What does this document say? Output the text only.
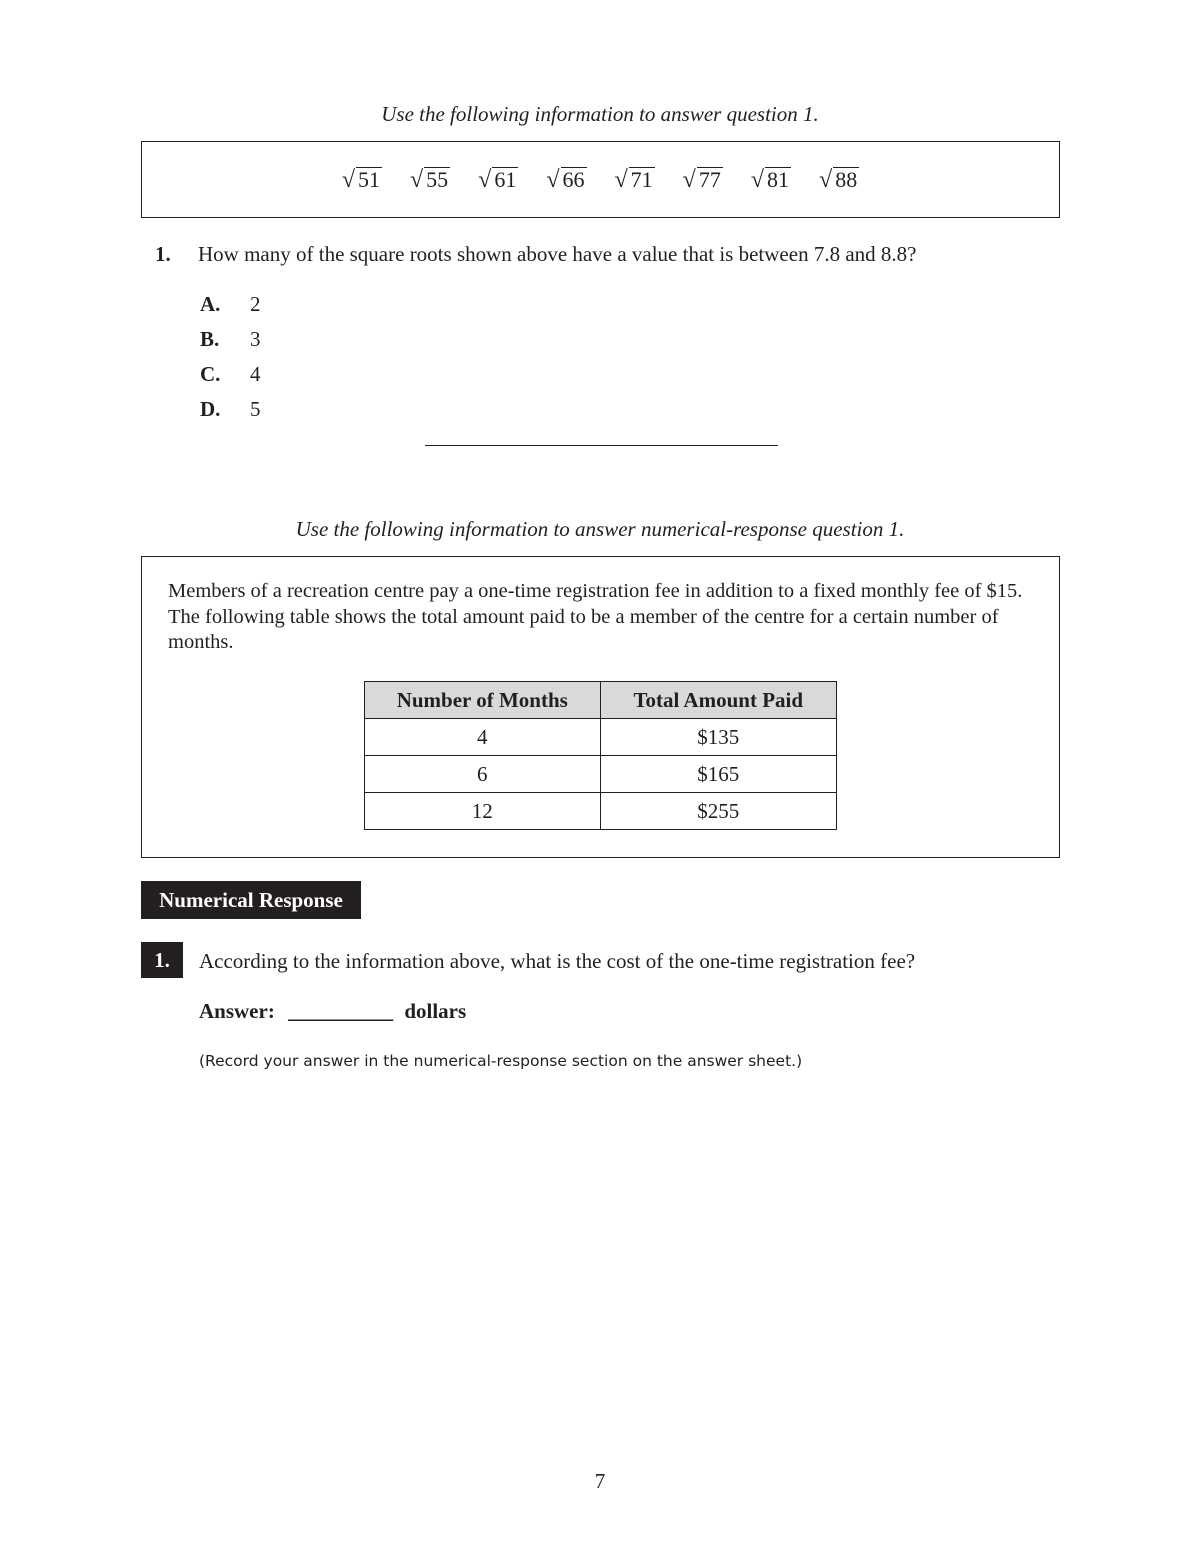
Use the following information to answer question 1.
√ 51 √ 55 √ 61 √ 66 √ 71 √ 77 √ 81 √ 88
1. How many of the square roots shown above have a value that is between 7.8 and 8.8?
A. 2
B. 3
C. 4
D. 5
Use the following information to answer numerical-response question 1.
Members of a recreation centre pay a one-time registration fee in addition to a fixed monthly fee of $15. The following table shows the total amount paid to be a member of the centre for a certain number of months.
Number of Months	Total Amount Paid
4	$135
6	$165
12	$255
Numerical Response
1.	According to the information above, what is the cost of the one-time registration fee?
Answer: __________ dollars
(Record your answer in the numerical-response section on the answer sheet.)
7
